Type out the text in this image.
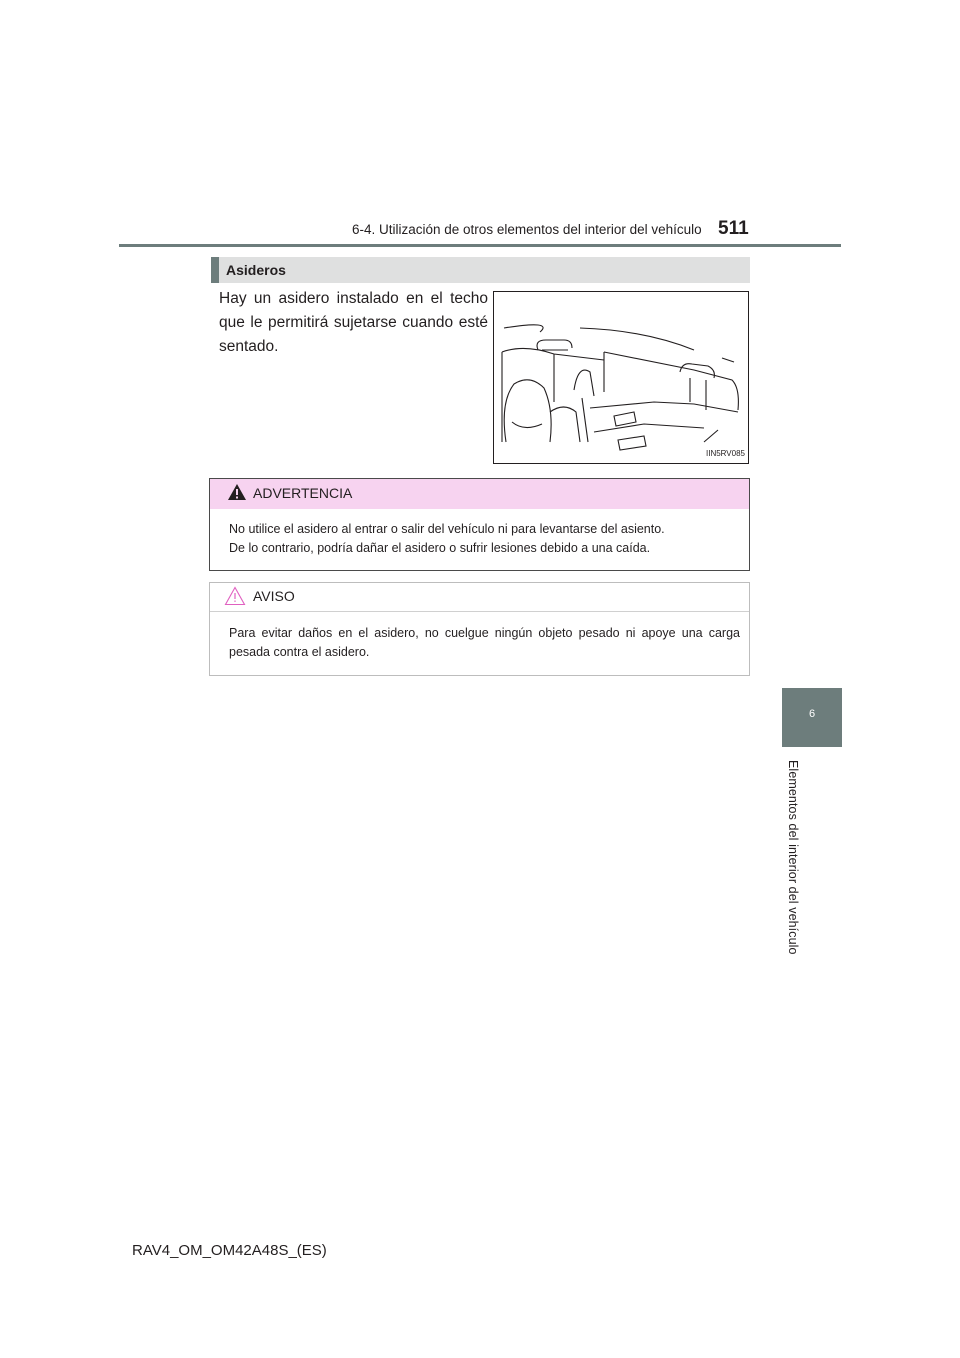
6-4. Utilización de otros elementos del interior del vehículo 511
6
Elementos del interior del vehículo
Asideros
Hay un asidero instalado en el techo que le permitirá sujetarse cuando esté sentado.
IIN5RV085
ADVERTENCIA
No utilice el asidero al entrar o salir del vehículo ni para levantarse del asiento.
De lo contrario, podría dañar el asidero o sufrir lesiones debido a una caída.
AVISO
Para evitar daños en el asidero, no cuelgue ningún objeto pesado ni apoye una carga pesada contra el asidero.
RAV4_OM_OM42A48S_(ES)
